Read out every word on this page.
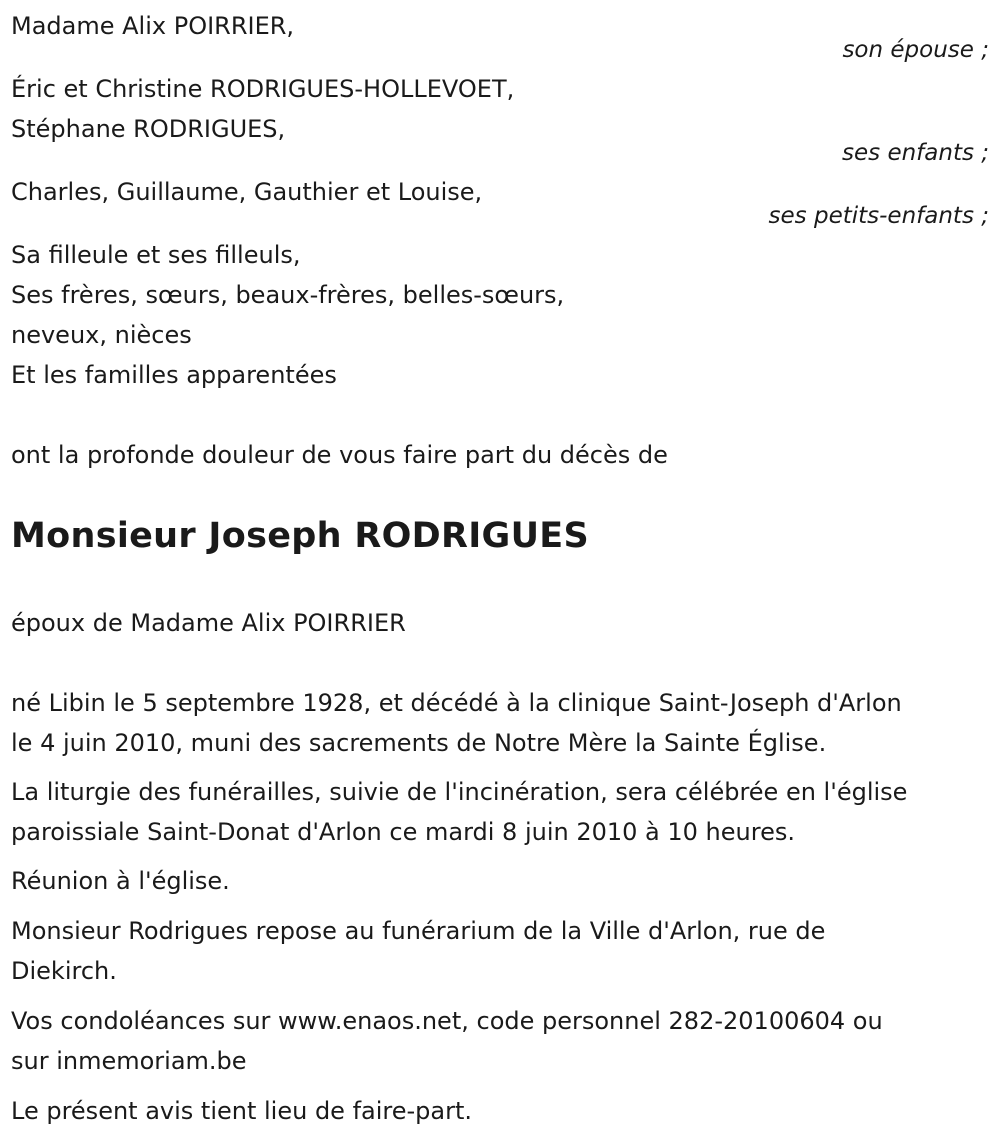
Madame Alix POIRRIER,
son épouse ;
Éric et Christine RODRIGUES-HOLLEVOET,
Stéphane RODRIGUES,
ses enfants ;
Charles, Guillaume, Gauthier et Louise,
ses petits-enfants ;
Sa filleule et ses filleuls,
Ses frères, sœurs, beaux-frères, belles-sœurs,
neveux, nièces
Et les familles apparentées
ont la profonde douleur de vous faire part du décès de
Monsieur Joseph RODRIGUES
époux de Madame Alix POIRRIER
né Libin le 5 septembre 1928, et décédé à la clinique Saint-Joseph d'Arlon
le 4 juin 2010, muni des sacrements de Notre Mère la Sainte Église.
La liturgie des funérailles, suivie de l'incinération, sera célébrée en l'église
paroissiale Saint-Donat d'Arlon ce mardi 8 juin 2010 à 10 heures.
Réunion à l'église.
Monsieur Rodrigues repose au funérarium de la Ville d'Arlon, rue de
Diekirch.
Vos condoléances sur www.enaos.net, code personnel 282-20100604 ou
sur inmemoriam.be
Le présent avis tient lieu de faire-part.
